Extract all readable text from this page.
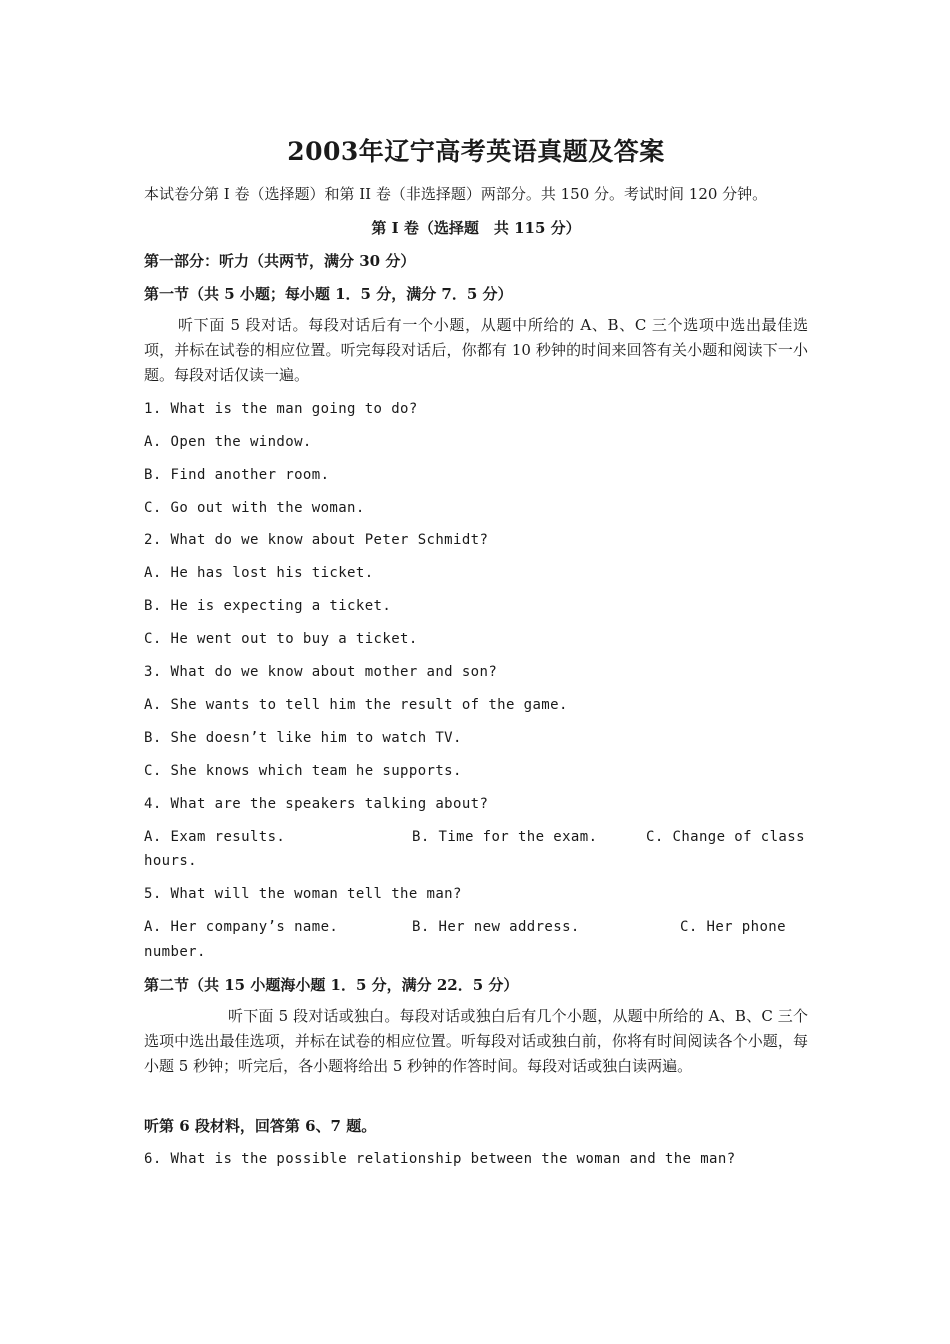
2003年辽宁高考英语真题及答案
本试卷分第 I 卷（选择题）和第 II 卷（非选择题）两部分。共 150 分。考试时间 120 分钟。
第 I 卷（选择题　共 115 分）
第一部分：听力（共两节，满分 30 分）
第一节（共 5 小题；每小题 1．5 分，满分 7．5 分）
听下面 5 段对话。每段对话后有一个小题，从题中所给的 A、B、C 三个选项中选出最佳选项，并标在试卷的相应位置。听完每段对话后，你都有 10 秒钟的时间来回答有关小题和阅读下一小题。每段对话仅读一遍。
1. What is the man going to do?
A. Open the window.
B. Find another room.
C. Go out with the woman.
2. What do we know about Peter Schmidt?
A. He has lost his ticket.
B. He is expecting a ticket.
C. He went out to buy a ticket.
3. What do we know about mother and son?
A. She wants to tell him the result of the game.
B. She doesn’t like him to watch TV.
C. She knows which team he supports.
4. What are the speakers talking about?
A. Exam results.	B. Time for the exam.	C. Change of class
hours.
5. What will the woman tell the man?
A. Her company’s name.	B. Her new address.	C. Her phone
number.
第二节（共 15 小题海小题 1．5 分，满分 22．5 分）
听下面 5 段对话或独白。每段对话或独白后有几个小题，从题中所给的 A、B、C 三个选项中选出最佳选项，并标在试卷的相应位置。听每段对话或独白前，你将有时间阅读各个小题，每小题 5 秒钟；听完后，各小题将给出 5 秒钟的作答时间。每段对话或独白读两遍。
听第 6 段材料，回答第 6、7 题。
6. What is the possible relationship between the woman and the man?
